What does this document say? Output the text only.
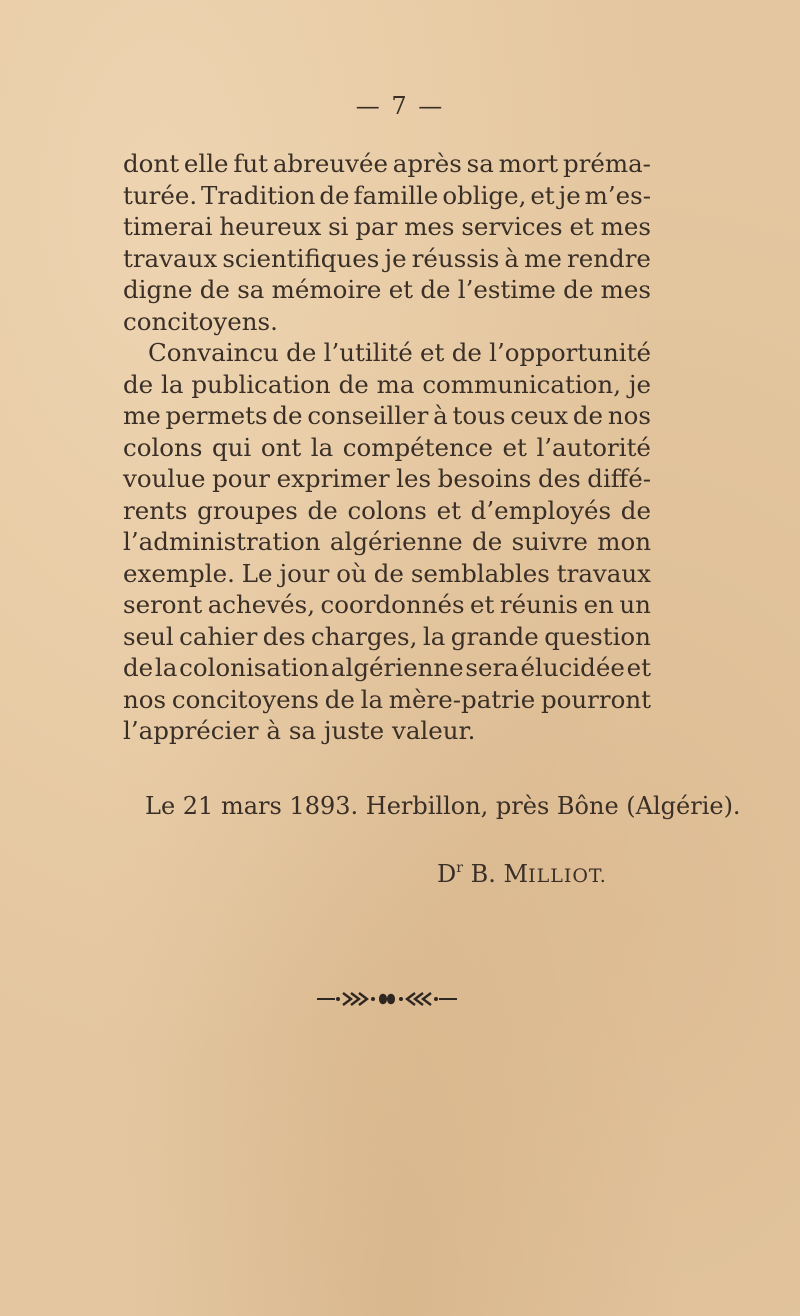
— 7 —
dont elle fut abreuvée après sa mort préma-
turée. Tradition de famille oblige, et je m’es-
timerai heureux si par mes services et mes
travaux scientifiques je réussis à me rendre
digne de sa mémoire et de l’estime de mes
concitoyens.
Convaincu de l’utilité et de l’opportunité
de la publication de ma communication, je
me permets de conseiller à tous ceux de nos
colons qui ont la compétence et l’autorité
voulue pour exprimer les besoins des diffé-
rents groupes de colons et d’employés de
l’administration algérienne de suivre mon
exemple. Le jour où de semblables travaux
seront achevés, coordonnés et réunis en un
seul cahier des charges, la grande question
de la colonisation algérienne sera élucidée et
nos concitoyens de la mère-patrie pourront
l’apprécier à sa juste valeur.
Le 21 mars 1893. Herbillon, près Bône (Algérie).
$D^r$ B. MILLIOT.
